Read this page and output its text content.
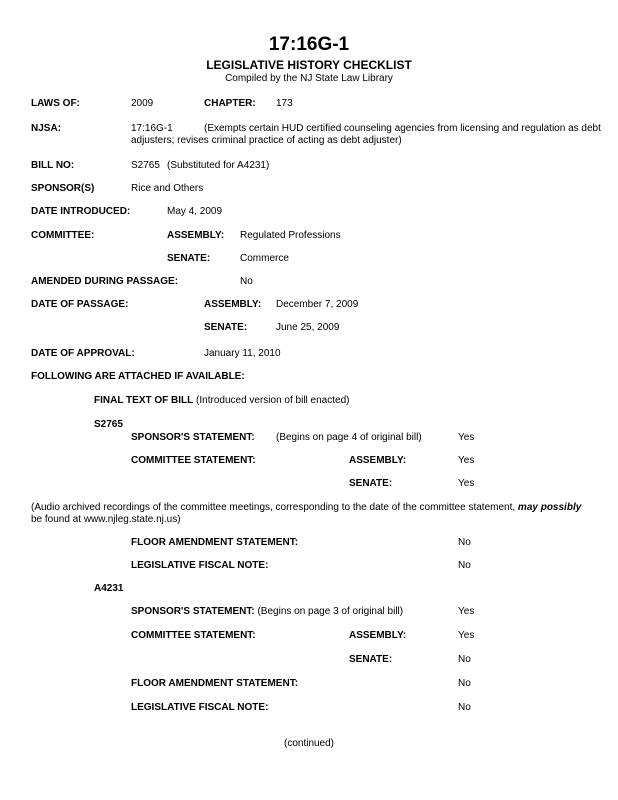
17:16G-1
LEGISLATIVE HISTORY CHECKLIST
Compiled by the NJ State Law Library
LAWS OF:	2009	CHAPTER: 173
NJSA:	17:16G-1	(Exempts certain HUD certified counseling agencies from licensing and regulation as debt
adjusters; revises criminal practice of acting as debt adjuster)
BILL NO:	S2765 (Substituted for A4231)
SPONSOR(S)	Rice and Others
DATE INTRODUCED:	May 4, 2009
COMMITTEE:	ASSEMBLY: Regulated Professions
SENATE:	Commerce
AMENDED DURING PASSAGE:	No
DATE OF PASSAGE:	ASSEMBLY: December 7, 2009
SENATE:	June 25, 2009
DATE OF APPROVAL:	January 11, 2010
FOLLOWING ARE ATTACHED IF AVAILABLE:
FINAL TEXT OF BILL (Introduced version of bill enacted)
S2765
SPONSOR'S STATEMENT: (Begins on page 4 of original bill)	Yes
COMMITTEE STATEMENT:	ASSEMBLY:	Yes
SENATE:	Yes
(Audio archived recordings of the committee meetings, corresponding to the date of the committee statement, may possibly
be found at www.njleg.state.nj.us)
FLOOR AMENDMENT STATEMENT:	No
LEGISLATIVE FISCAL NOTE:	No
A4231
SPONSOR'S STATEMENT: (Begins on page 3 of original bill)	Yes
COMMITTEE STATEMENT:	ASSEMBLY:	Yes
SENATE:	No
FLOOR AMENDMENT STATEMENT:	No
LEGISLATIVE FISCAL NOTE:	No
(continued)
